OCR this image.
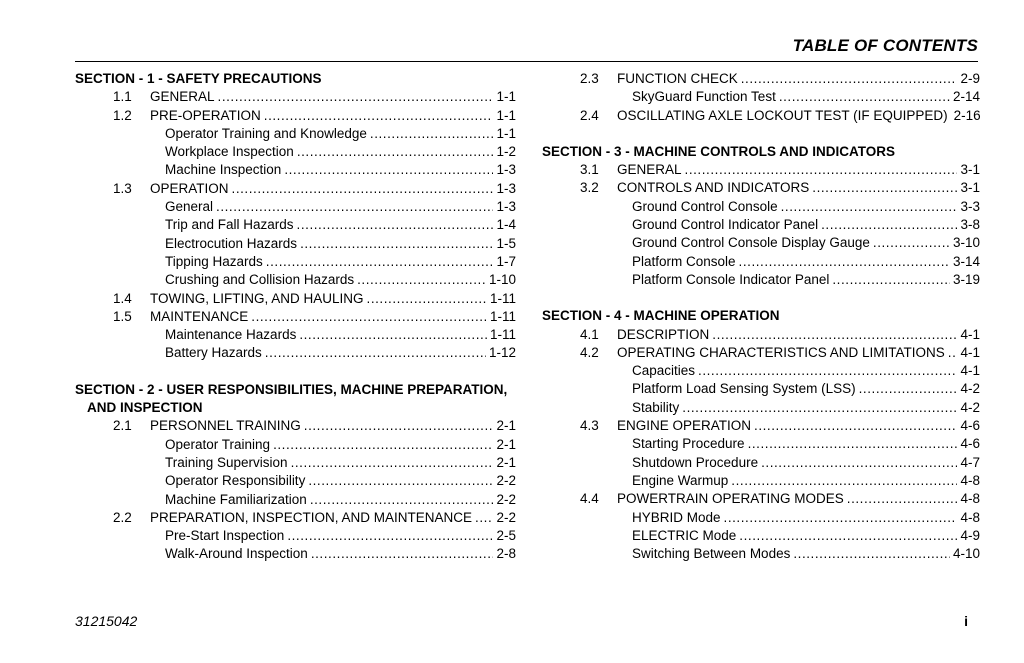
TABLE OF CONTENTS
SECTION - 1 - SAFETY PRECAUTIONS
1.1	GENERAL . . .	1-1
1.2	PRE-OPERATION . . .	1-1
Operator Training and Knowledge . . .	1-1
Workplace Inspection . . .	1-2
Machine Inspection . . .	1-3
1.3	OPERATION . . .	1-3
General . . .	1-3
Trip and Fall Hazards . . .	1-4
Electrocution Hazards . . .	1-5
Tipping Hazards . . .	1-7
Crushing and Collision Hazards . . .	1-10
1.4	TOWING, LIFTING, AND HAULING . . .	1-11
1.5	MAINTENANCE . . .	1-11
Maintenance Hazards . . .	1-11
Battery Hazards . . .	1-12
SECTION - 2 - USER RESPONSIBILITIES, MACHINE PREPARATION,
AND INSPECTION
2.1	PERSONNEL TRAINING . . .	2-1
Operator Training . . .	2-1
Training Supervision . . .	2-1
Operator Responsibility . . .	2-2
Machine Familiarization . . .	2-2
2.2	PREPARATION, INSPECTION, AND MAINTENANCE . . . 2-2
Pre-Start Inspection . . .	2-5
Walk-Around Inspection . . .	2-8
2.3	FUNCTION CHECK . . .	2-9
SkyGuard Function Test . . .	2-14
2.4	OSCILLATING AXLE LOCKOUT TEST (IF EQUIPPED) 2-16
SECTION - 3 - MACHINE CONTROLS AND INDICATORS
3.1	GENERAL . . .	3-1
3.2	CONTROLS AND INDICATORS . . .	3-1
Ground Control Console . . .	3-3
Ground Control Indicator Panel . . .	3-8
Ground Control Console Display Gauge . . .	3-10
Platform Console . . .	3-14
Platform Console Indicator Panel . . .	3-19
SECTION - 4 - MACHINE OPERATION
4.1	DESCRIPTION . . .	4-1
4.2	OPERATING CHARACTERISTICS AND LIMITATIONS . . . 4-1
Capacities . . .	4-1
Platform Load Sensing System (LSS) . . .	4-2
Stability . . .	4-2
4.3	ENGINE OPERATION . . .	4-6
Starting Procedure . . .	4-6
Shutdown Procedure . . .	4-7
Engine Warmup . . .	4-8
4.4	POWERTRAIN OPERATING MODES . . .	4-8
HYBRID Mode . . .	4-8
ELECTRIC Mode . . .	4-9
Switching Between Modes . . .	4-10
31215042	i
